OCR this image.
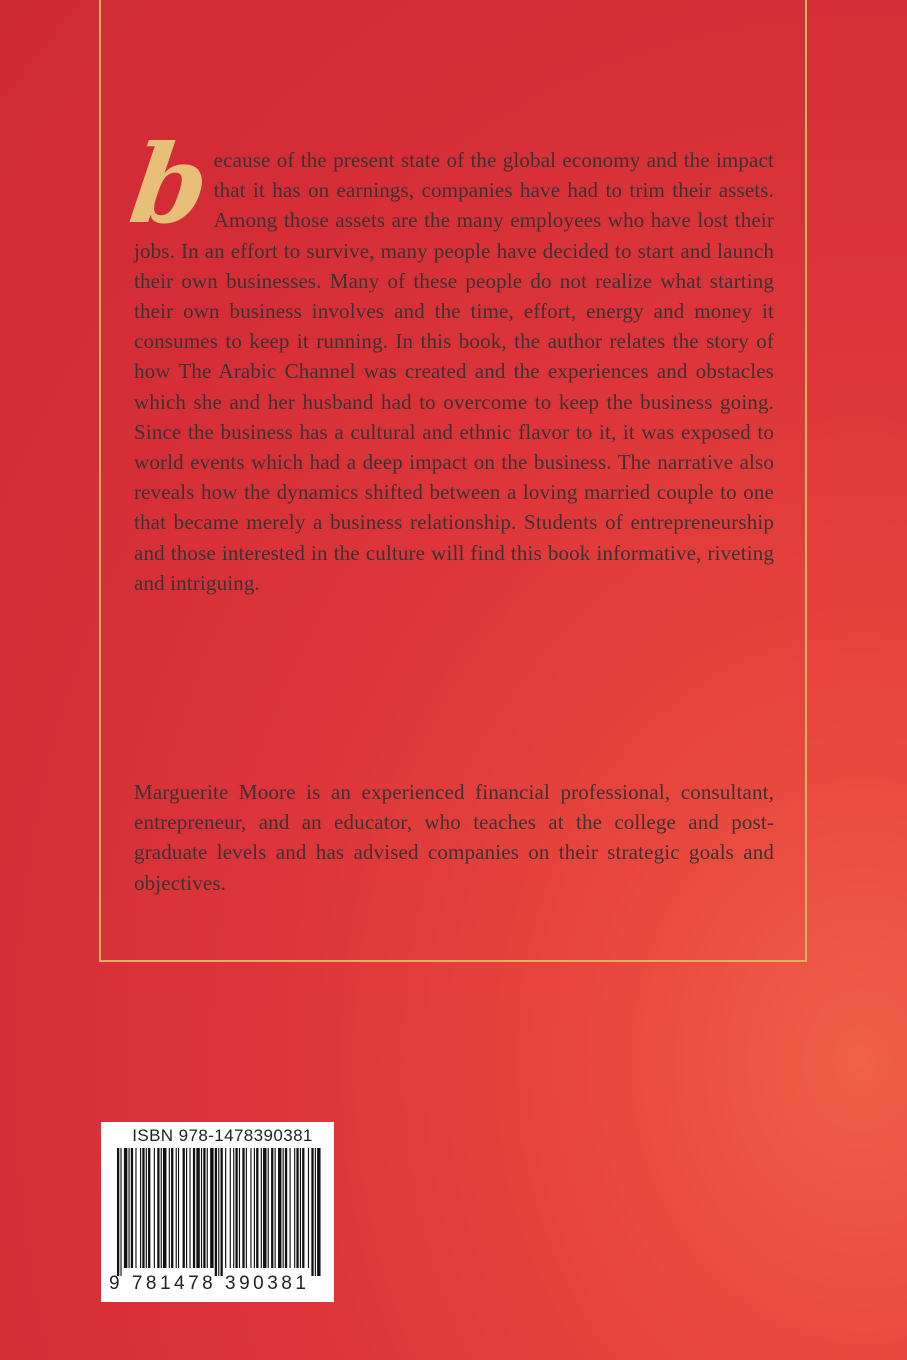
b
ecause of the present state of the global economy and the impact that it has on earnings, companies have had to trim their assets. Among those assets are the many employees who have lost their jobs. In an effort to survive, many people have decided to start and launch their own businesses. Many of these people do not realize what starting their own business involves and the time, effort, energy and money it consumes to keep it running. In this book, the author relates the story of how The Arabic Channel was created and the experiences and obstacles which she and her husband had to overcome to keep the business going. Since the business has a cultural and ethnic flavor to it, it was exposed to world events which had a deep impact on the business. The narrative also reveals how the dynamics shifted between a loving married couple to one that became merely a business relationship. Students of entrepreneurship and those interested in the culture will find this book informative, riveting and intriguing.

Marguerite Moore is an experienced financial professional, consultant, entrepreneur, and an educator, who teaches at the college and post-graduate levels and has advised companies on their strategic goals and objectives.

ISBN 978-1478390381
9 781478 390381
